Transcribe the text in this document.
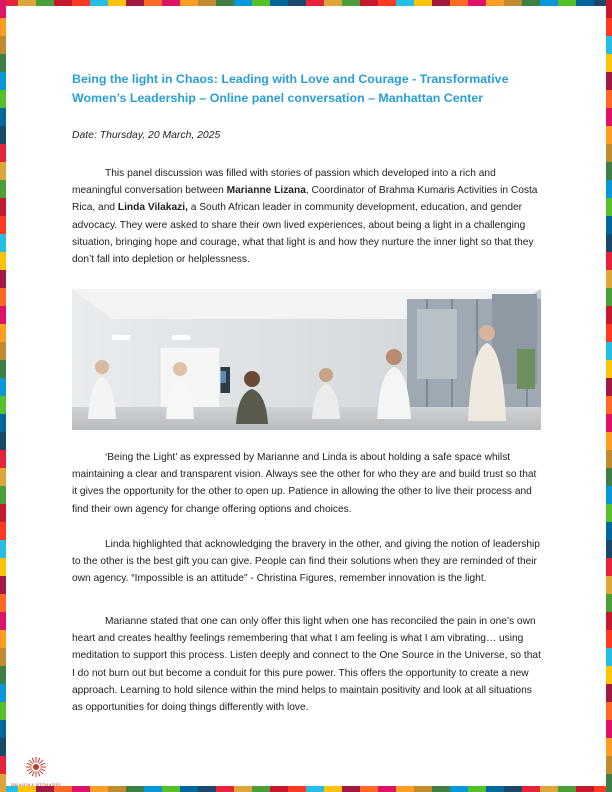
Being the light in Chaos: Leading with Love and Courage - Transformative Women’s Leadership – Online panel conversation – Manhattan Center
Date: Thursday, 20 March, 2025

This panel discussion was filled with stories of passion which developed into a rich and meaningful conversation between Marianne Lizana, Coordinator of Brahma Kumaris Activities in Costa Rica, and Linda Vilakazi, a South African leader in community development, education, and gender advocacy. They were asked to share their own lived experiences, about being a light in a challenging situation, bringing hope and courage, what that light is and how they nurture the inner light so that they don’t fall into depletion or helplessness.

‘Being the Light’ as expressed by Marianne and Linda is about holding a safe space whilst maintaining a clear and transparent vision. Always see the other for who they are and build trust so that it gives the opportunity for the other to open up. Patience in allowing the other to live their process and find their own agency for change offering options and choices.

Linda highlighted that acknowledging the bravery in the other, and giving the notion of leadership to the other is the best gift you can give. People can find their solutions when they are reminded of their own agency. “Impossible is an attitude" - Christina Figures, remember innovation is the light.

Marianne stated that one can only offer this light when one has reconciled the pain in one’s own heart and creates healthy feelings remembering that what I am feeling is what I am vibrating… using meditation to support this process. Listen deeply and connect to the One Source in the Universe, so that I do not burn out but become a conduit for this pure power. This offers the opportunity to create a new approach. Learning to hold silence within the mind helps to maintain positivity and look at all situations as opportunities for doing things differently with love.
